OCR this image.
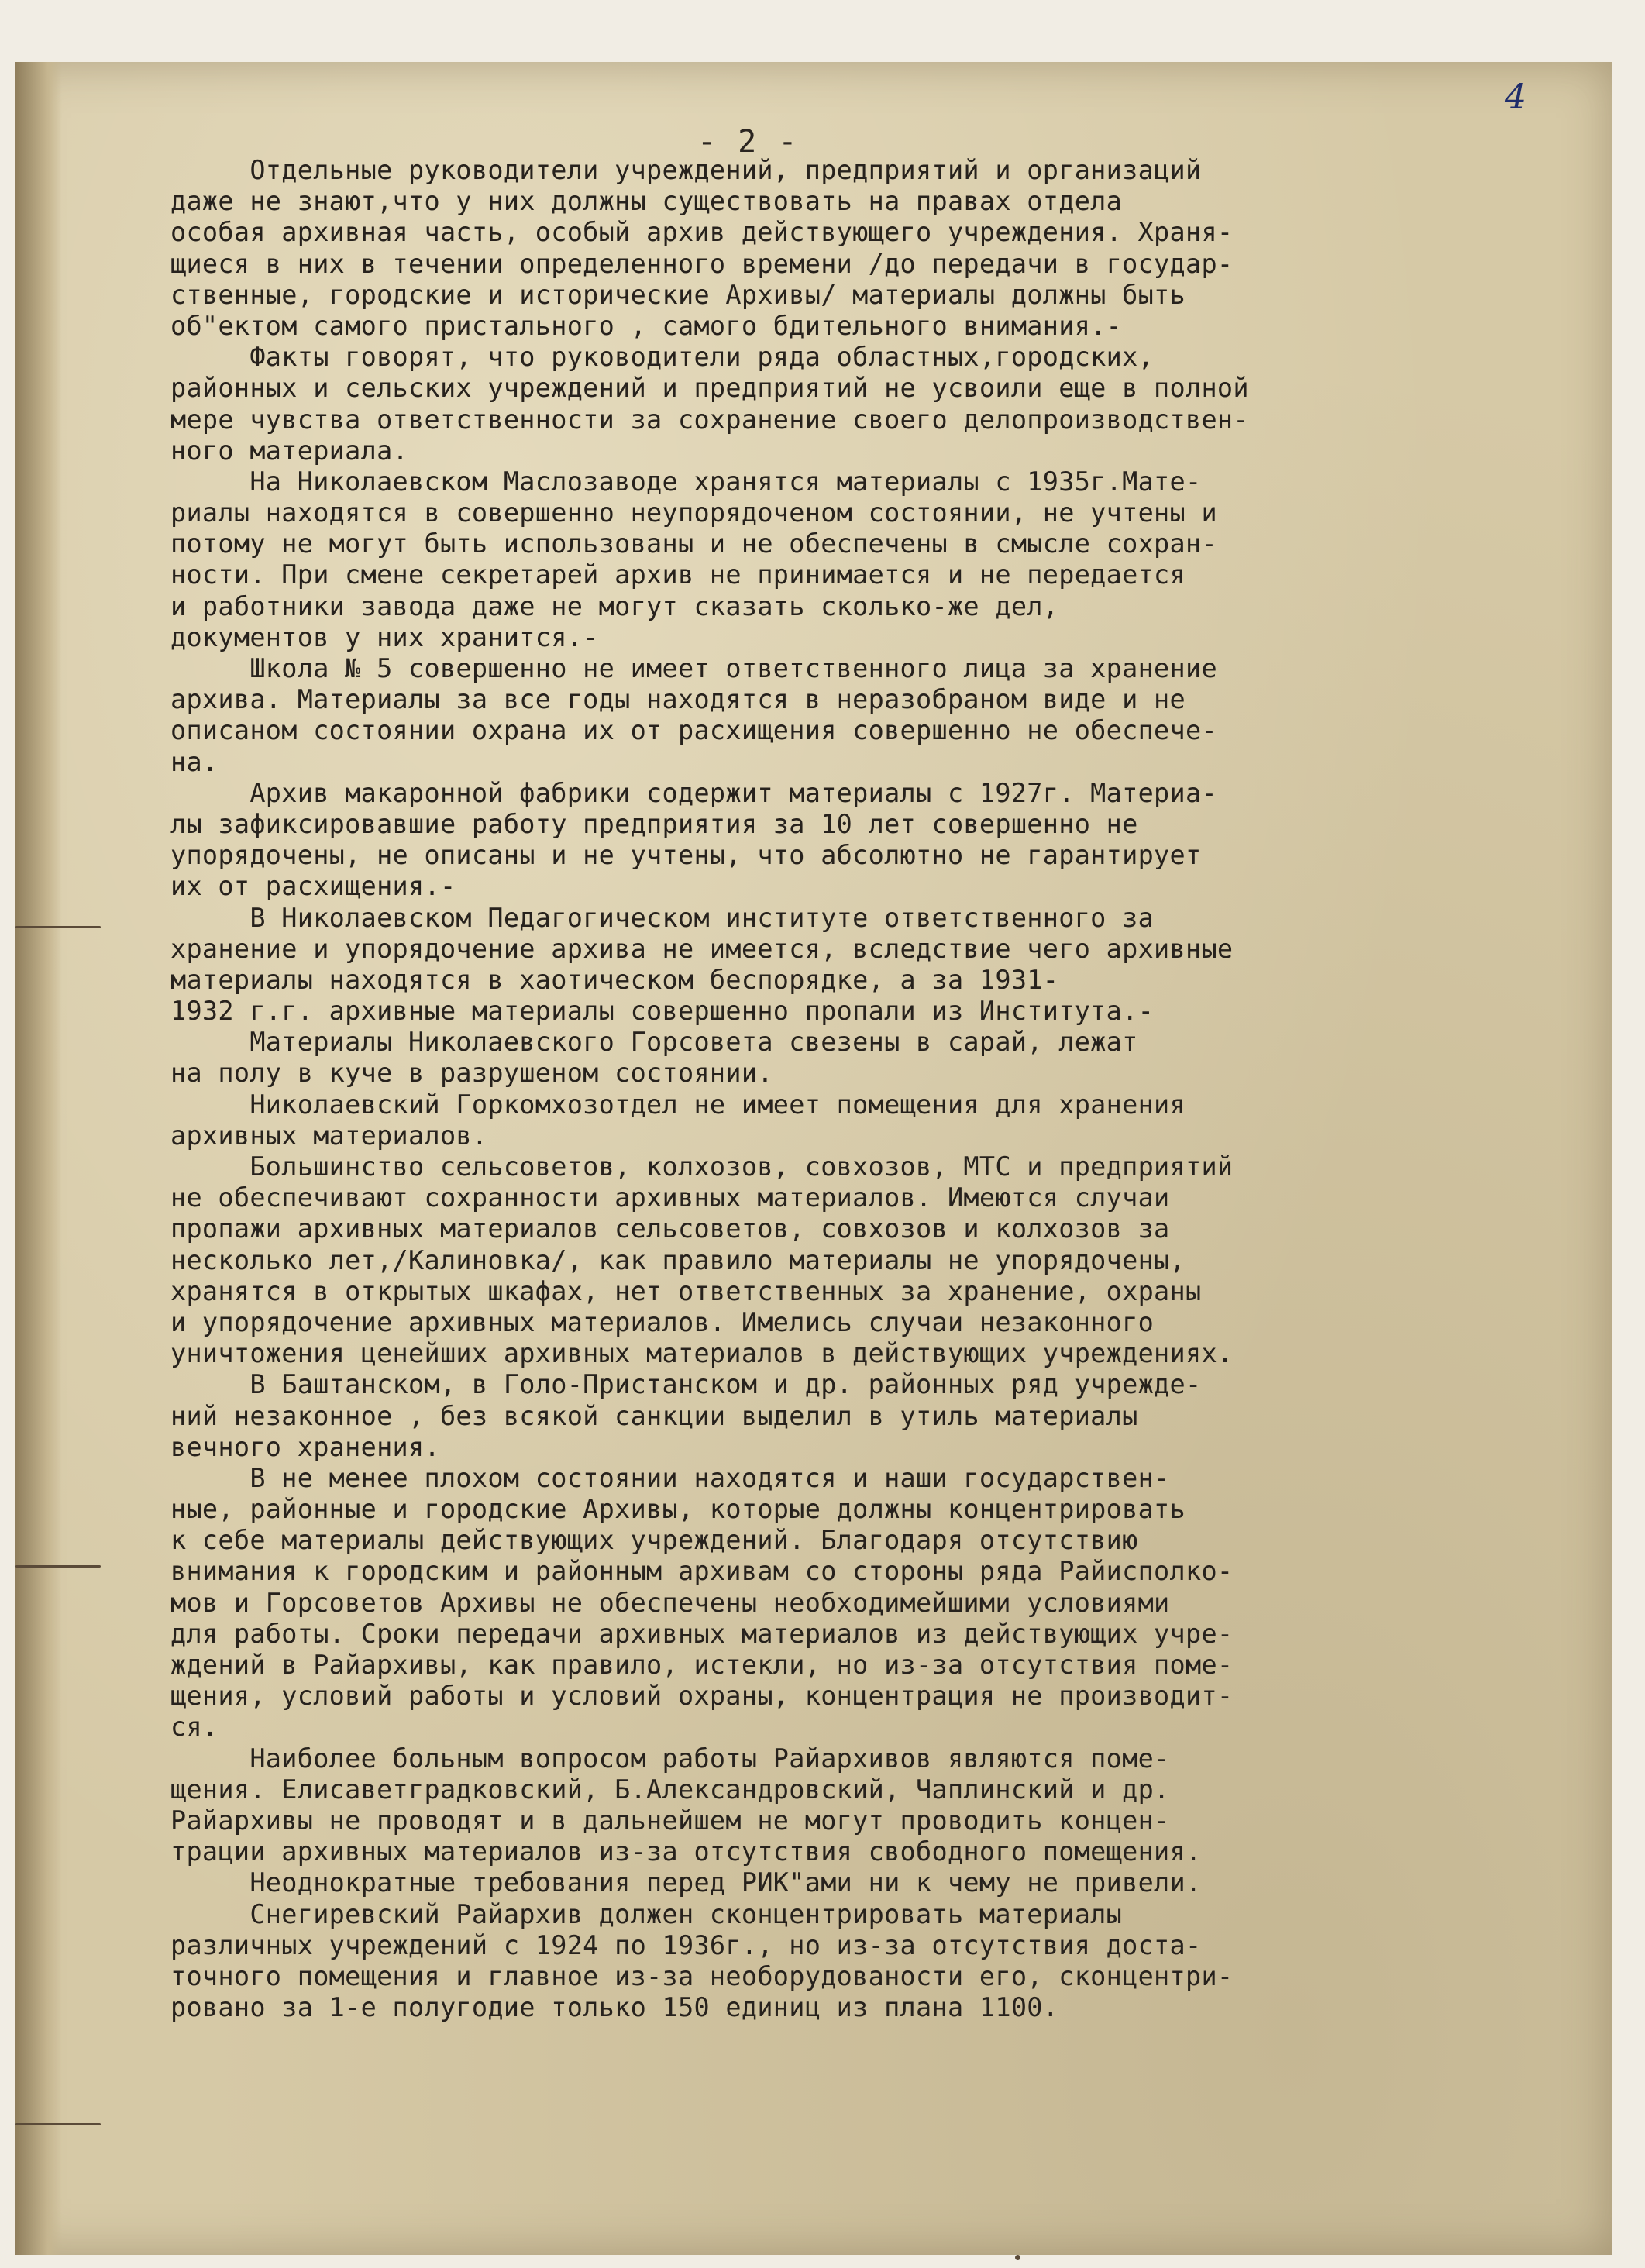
4
- 2 -
Отдельные руководители учреждений, предприятий и организаций
даже не знают,что у них должны существовать на правах отдела
особая архивная часть, особый архив действующего учреждения. Храня-
щиеся в них в течении определенного времени /до передачи в государ-
ственные, городские и исторические Архивы/ материалы должны быть
об"ектом самого пристального , самого бдительного внимания.-
Факты говорят, что руководители ряда областных,городских,
районных и сельских учреждений и предприятий не усвоили еще в полной
мере чувства ответственности за сохранение своего делопроизводствен-
ного материала.
На Николаевском Маслозаводе хранятся материалы с 1935г.Мате-
риалы находятся в совершенно неупорядоченом состоянии, не учтены и
потому не могут быть использованы и не обеспечены в смысле сохран-
ности. При смене секретарей архив не принимается и не передается
и работники завода даже не могут сказать сколько-же дел,
документов у них хранится.-
Школа № 5 совершенно не имеет ответственного лица за хранение
архива. Материалы за все годы находятся в неразобраном виде и не
описаном состоянии охрана их от расхищения совершенно не обеспече-
на.
Архив макаронной фабрики содержит материалы с 1927г. Материа-
лы зафиксировавшие работу предприятия за 10 лет совершенно не
упорядочены, не описаны и не учтены, что абсолютно не гарантирует
их от расхищения.-
В Николаевском Педагогическом институте ответственного за
хранение и упорядочение архива не имеется, вследствие чего архивные
материалы находятся в хаотическом беспорядке, а за 1931-
1932 г.г. архивные материалы совершенно пропали из Института.-
Материалы Николаевского Горсовета свезены в сарай, лежат
на полу в куче в разрушеном состоянии.
Николаевский Горкомхозотдел не имеет помещения для хранения
архивных материалов.
Большинство сельсоветов, колхозов, совхозов, МТС и предприятий
не обеспечивают сохранности архивных материалов. Имеются случаи
пропажи архивных материалов сельсоветов, совхозов и колхозов за
несколько лет,/Калиновка/, как правило материалы не упорядочены,
хранятся в открытых шкафах, нет ответственных за хранение, охраны
и упорядочение архивных материалов. Имелись случаи незаконного
уничтожения ценейших архивных материалов в действующих учреждениях.
В Баштанском, в Голо-Пристанском и др. районных ряд учрежде-
ний незаконное , без всякой санкции выделил в утиль материалы
вечного хранения.
В не менее плохом состоянии находятся и наши государствен-
ные, районные и городские Архивы, которые должны концентрировать
к себе материалы действующих учреждений. Благодаря отсутствию
внимания к городским и районным архивам со стороны ряда Райисполко-
мов и Горсоветов Архивы не обеспечены необходимейшими условиями
для работы. Сроки передачи архивных материалов из действующих учре-
ждений в Райархивы, как правило, истекли, но из-за отсутствия поме-
щения, условий работы и условий охраны, концентрация не производит-
ся.
Наиболее больным вопросом работы Райархивов являются поме-
щения. Елисаветградковский, Б.Александровский, Чаплинский и др.
Райархивы не проводят и в дальнейшем не могут проводить концен-
трации архивных материалов из-за отсутствия свободного помещения.
Неоднократные требования перед РИК"ами ни к чему не привели.
Снегиревский Райархив должен сконцентрировать материалы
различных учреждений с 1924 по 1936г., но из-за отсутствия доста-
точного помещения и главное из-за необорудованости его, сконцентри-
ровано за 1-е полугодие только 150 единиц из плана 1100.
